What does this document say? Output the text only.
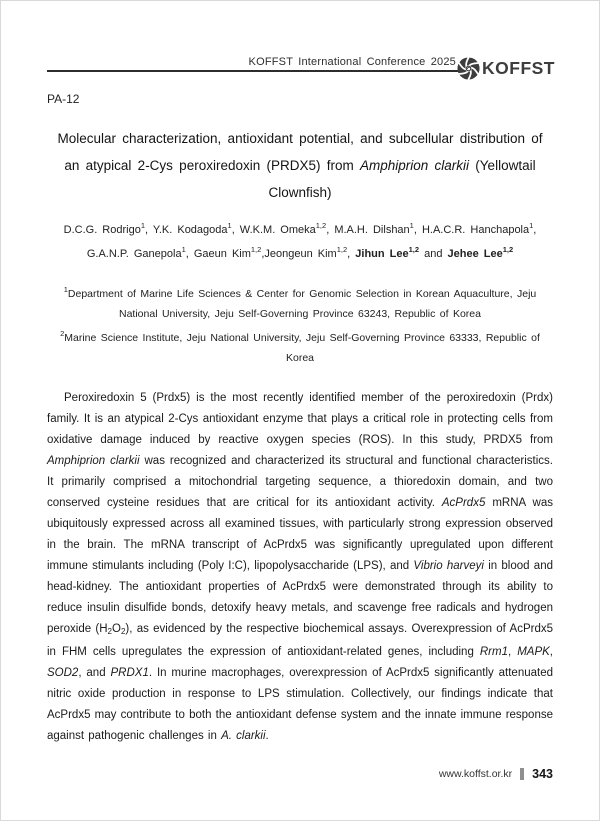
KOFFST International Conference 2025 KOFFST
PA-12
Molecular characterization, antioxidant potential, and subcellular distribution of an atypical 2-Cys peroxiredoxin (PRDX5) from Amphiprion clarkii (Yellowtail Clownfish)

D.C.G. Rodrigo$^1$, Y.K. Kodagoda$^1$, W.K.M. Omeka$^{1,2}$, M.A.H. Dilshan$^1$, H.A.C.R. Hanchapola$^1$,
G.A.N.P. Ganepola$^1$, Gaeun Kim$^{1,2}$,Jeongeun Kim$^{1,2}$, Jihun Lee$^{1,2}$ and Jehee Lee$^{1,2}$

$^1$Department of Marine Life Sciences & Center for Genomic Selection in Korean Aquaculture, Jeju National University, Jeju Self-Governing Province 63243, Republic of Korea

$^2$Marine Science Institute, Jeju National University, Jeju Self-Governing Province 63333, Republic of Korea

Peroxiredoxin 5 (Prdx5) is the most recently identified member of the peroxiredoxin (Prdx) family. It is an atypical 2-Cys antioxidant enzyme that plays a critical role in protecting cells from oxidative damage induced by reactive oxygen species (ROS). In this study, PRDX5 from Amphiprion clarkii was recognized and characterized its structural and functional characteristics. It primarily comprised a mitochondrial targeting sequence, a thioredoxin domain, and two conserved cysteine residues that are critical for its antioxidant activity. AcPrdx5 mRNA was ubiquitously expressed across all examined tissues, with particularly strong expression observed in the brain. The mRNA transcript of AcPrdx5 was significantly upregulated upon different immune stimulants including (Poly I:C), lipopolysaccharide (LPS), and Vibrio harveyi in blood and head-kidney. The antioxidant properties of AcPrdx5 were demonstrated through its ability to reduce insulin disulfide bonds, detoxify heavy metals, and scavenge free radicals and hydrogen peroxide $(H_2O_2)$, as evidenced by the respective biochemical assays. Overexpression of AcPrdx5 in FHM cells upregulates the expression of antioxidant-related genes, including Rrm1, MAPK, SOD2, and PRDX1. In murine macrophages, overexpression of AcPrdx5 significantly attenuated nitric oxide production in response to LPS stimulation. Collectively, our findings indicate that AcPrdx5 may contribute to both the antioxidant defense system and the innate immune response against pathogenic challenges in A. clarkii.

www.koffst.or.kr 343
